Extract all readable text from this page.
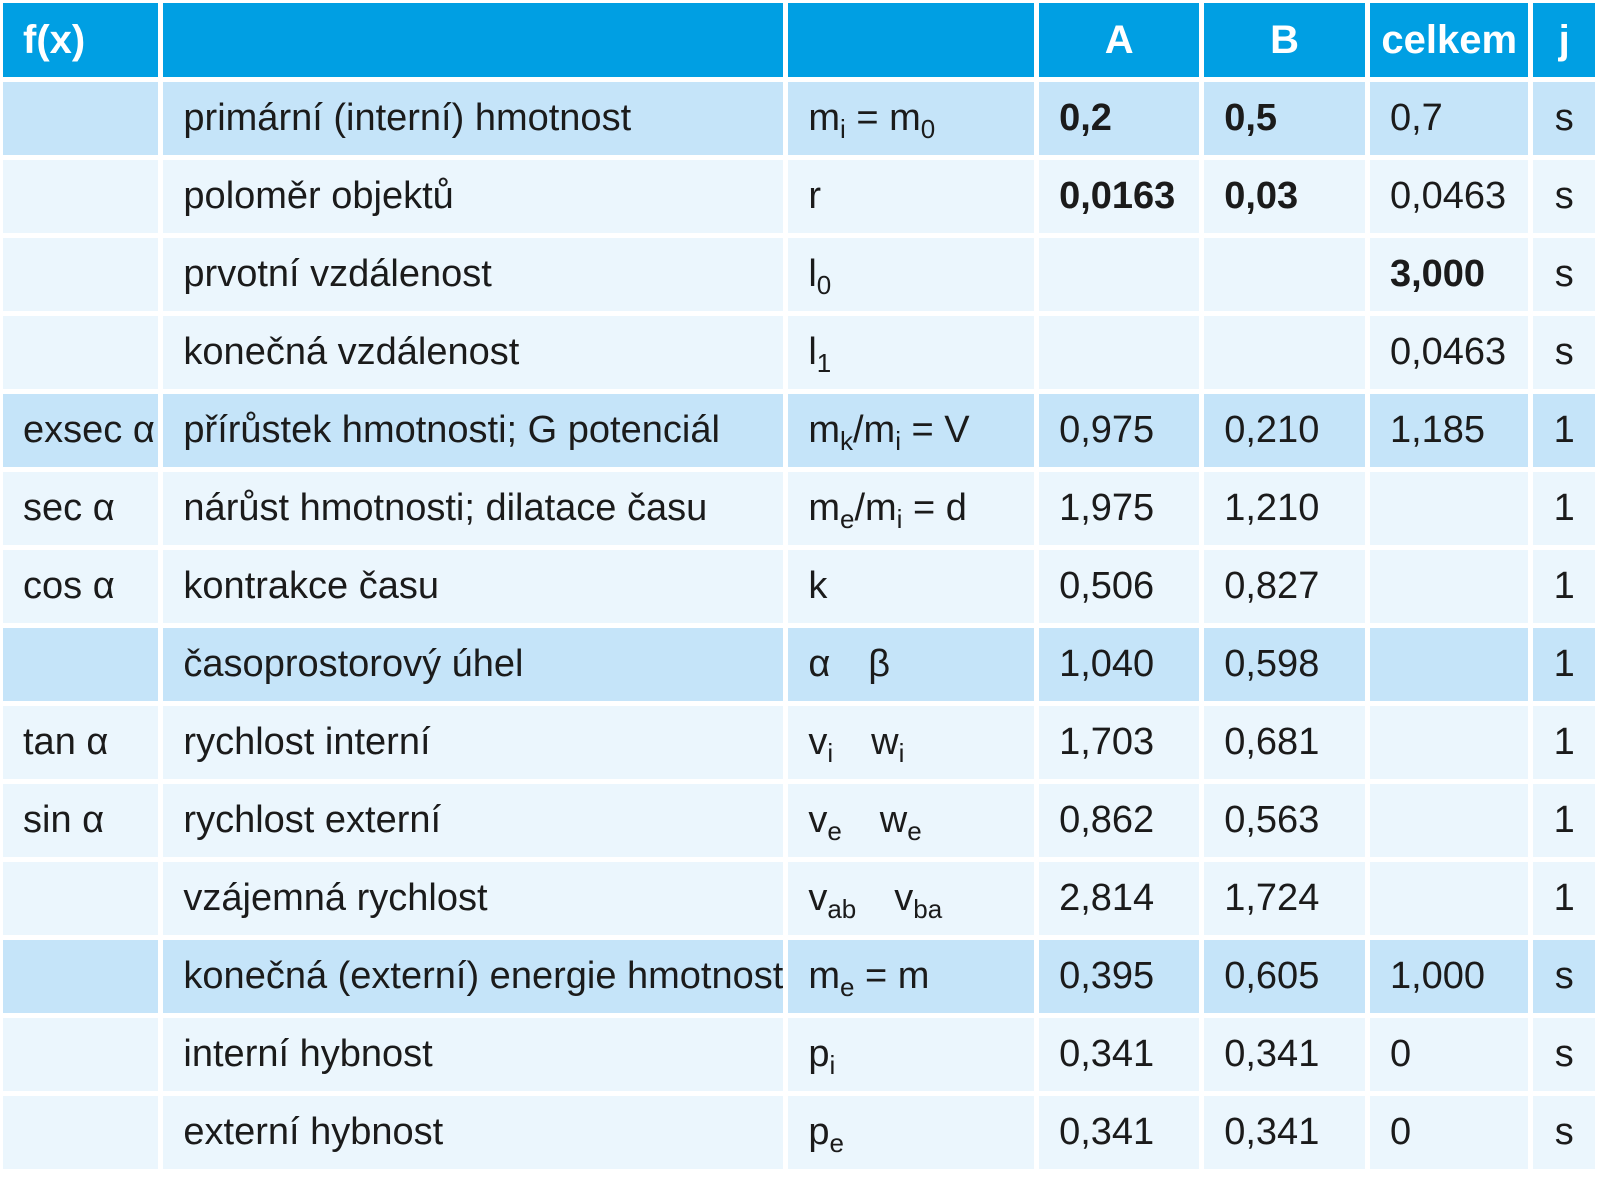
f(x)			A	B	celkem	j
	primární (interní) hmotnost	$m_i = m_0$	0,2	0,5	0,7	s
	poloměr objektů	r	0,0163	0,03	0,0463	s
	prvotní vzdálenost	$l_0$			3,000	s
	konečná vzdálenost	$l_1$			0,0463	s
exsec α	přírůstek hmotnosti; G potenciál	$m_k/m_i = V$	0,975	0,210	1,185	1
sec α	nárůst hmotnosti; dilatace času	$m_e/m_i = d$	1,975	1,210		1
cos α	kontrakce času	k	0,506	0,827		1
	časoprostorový úhel	α β	1,040	0,598		1
tan α	rychlost interní	$v_i$ $w_i$	1,703	0,681		1
sin α	rychlost externí	$v_e$ $w_e$	0,862	0,563		1
	vzájemná rychlost	$v_{ab}$ $v_{ba}$	2,814	1,724		1
	konečná (externí) energie hmotnost	$m_e = m$	0,395	0,605	1,000	s
	interní hybnost	$p_i$	0,341	0,341	0	s
	externí hybnost	$p_e$	0,341	0,341	0	s
